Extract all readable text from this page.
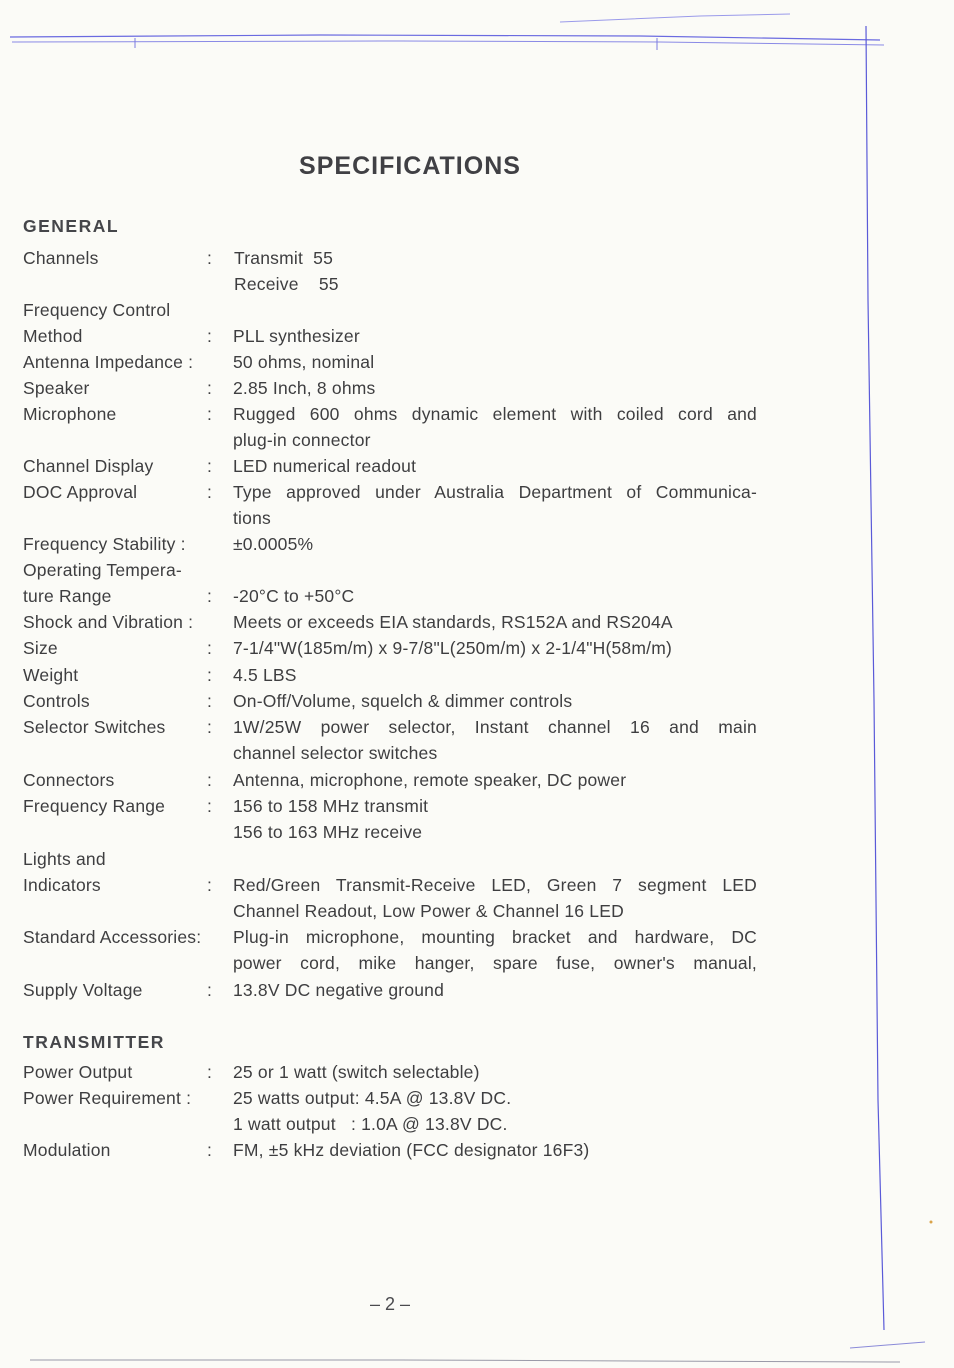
SPECIFICATIONS
GENERAL
Channels	: Transmit  55
Receive    55
Frequency Control
Method	: PLL synthesizer
Antenna Impedance : 50 ohms, nominal
Speaker	: 2.85 Inch, 8 ohms
Microphone	: Rugged 600 ohms dynamic element with coiled cord and
plug-in connector
Channel Display	: LED numerical readout
DOC Approval	: Type approved under Australia Department of Communica-
tions
Frequency Stability :	±0.0005%
Operating Tempera-
ture Range	: -20°C to +50°C
Shock and Vibration : Meets or exceeds EIA standards, RS152A and RS204A
Size	: 7-1/4"W(185m/m) x 9-7/8"L(250m/m) x 2-1/4"H(58m/m)
Weight	: 4.5 LBS
Controls	: On-Off/Volume, squelch & dimmer controls
Selector Switches : 1W/25W power selector, Instant channel 16 and main
channel selector switches
Connectors	: Antenna, microphone, remote speaker, DC power
Frequency Range : 156 to 158 MHz transmit
156 to 163 MHz receive
Lights and
Indicators	: Red/Green Transmit-Receive LED, Green 7 segment LED
Channel Readout, Low Power & Channel 16 LED
Standard Accessories: Plug-in microphone, mounting bracket and hardware, DC
power cord, mike hanger, spare fuse, owner's manual,
Supply Voltage	: 13.8V DC negative ground
TRANSMITTER
Power Output	: 25 or 1 watt (switch selectable)
Power Requirement : 25 watts output: 4.5A @ 13.8V DC.
1 watt output   : 1.0A @ 13.8V DC.
Modulation	: FM, ±5 kHz deviation (FCC designator 16F3)
– 2 –
